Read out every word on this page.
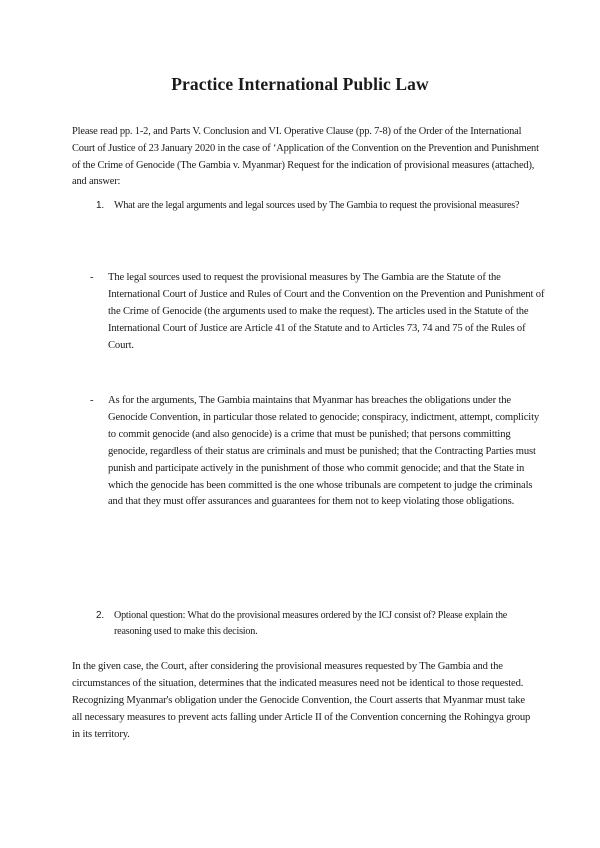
Practice International Public Law
Please read pp. 1-2, and Parts V. Conclusion and VI. Operative Clause (pp. 7-8) of the Order of the International Court of Justice of 23 January 2020 in the case of ‘Application of the Convention on the Prevention and Punishment of the Crime of Genocide (The Gambia v. Myanmar) Request for the indication of provisional measures (attached), and answer:
1. What are the legal arguments and legal sources used by The Gambia to request the provisional measures?
- The legal sources used to request the provisional measures by The Gambia are the Statute of the International Court of Justice and Rules of Court and the Convention on the Prevention and Punishment of the Crime of Genocide (the arguments used to make the request). The articles used in the Statute of the International Court of Justice are Article 41 of the Statute and to Articles 73, 74 and 75 of the Rules of Court.
- As for the arguments, The Gambia maintains that Myanmar has breaches the obligations under the Genocide Convention, in particular those related to genocide; conspiracy, indictment, attempt, complicity to commit genocide (and also genocide) is a crime that must be punished; that persons committing genocide, regardless of their status are criminals and must be punished; that the Contracting Parties must punish and participate actively in the punishment of those who commit genocide; and that the State in which the genocide has been committed is the one whose tribunals are competent to judge the criminals and that they must offer assurances and guarantees for them not to keep violating those obligations.
2. Optional question: What do the provisional measures ordered by the ICJ consist of? Please explain the reasoning used to make this decision.
In the given case, the Court, after considering the provisional measures requested by The Gambia and the circumstances of the situation, determines that the indicated measures need not be identical to those requested. Recognizing Myanmar's obligation under the Genocide Convention, the Court asserts that Myanmar must take all necessary measures to prevent acts falling under Article II of the Convention concerning the Rohingya group in its territory.
